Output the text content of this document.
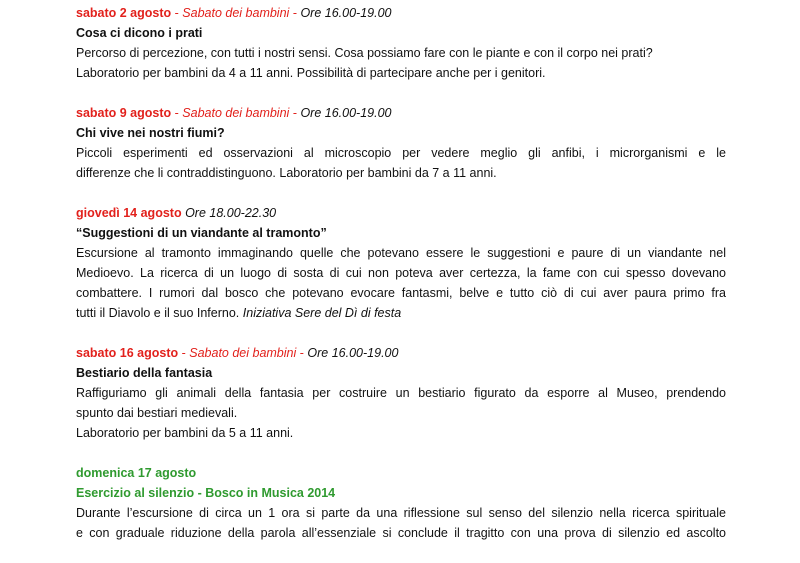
sabato 2 agosto - Sabato dei bambini - Ore 16.00-19.00
Cosa ci dicono i prati
Percorso di percezione, con tutti i nostri sensi. Cosa possiamo fare con le piante e con il corpo nei prati?
Laboratorio per bambini da 4 a 11 anni. Possibilità di partecipare anche per i genitori.
sabato 9 agosto - Sabato dei bambini - Ore 16.00-19.00
Chi vive nei nostri fiumi?
Piccoli esperimenti ed osservazioni al microscopio per vedere meglio gli anfibi, i microrganismi e le
differenze che li contraddistinguono. Laboratorio per bambini da 7 a 11 anni.
giovedì 14 agosto Ore 18.00-22.30
“Suggestioni di un viandante al tramonto”
Escursione al tramonto immaginando quelle che potevano essere le suggestioni e paure di un viandante nel
Medioevo. La ricerca di un luogo di sosta di cui non poteva aver certezza, la fame con cui spesso dovevano
combattere. I rumori dal bosco che potevano evocare fantasmi, belve e tutto ciò di cui aver paura primo fra
tutti il Diavolo e il suo Inferno. Iniziativa Sere del Dì di festa
sabato 16 agosto - Sabato dei bambini - Ore 16.00-19.00
Bestiario della fantasia
Raffiguriamo gli animali della fantasia per costruire un bestiario figurato da esporre al Museo, prendendo
spunto dai bestiari medievali.
Laboratorio per bambini da 5 a 11 anni.
domenica 17 agosto
Esercizio al silenzio - Bosco in Musica 2014
Durante l’escursione di circa un 1 ora si parte da una riflessione sul senso del silenzio nella ricerca spirituale
e con graduale riduzione della parola all’essenziale si conclude il tragitto con una prova di silenzio ed ascolto
